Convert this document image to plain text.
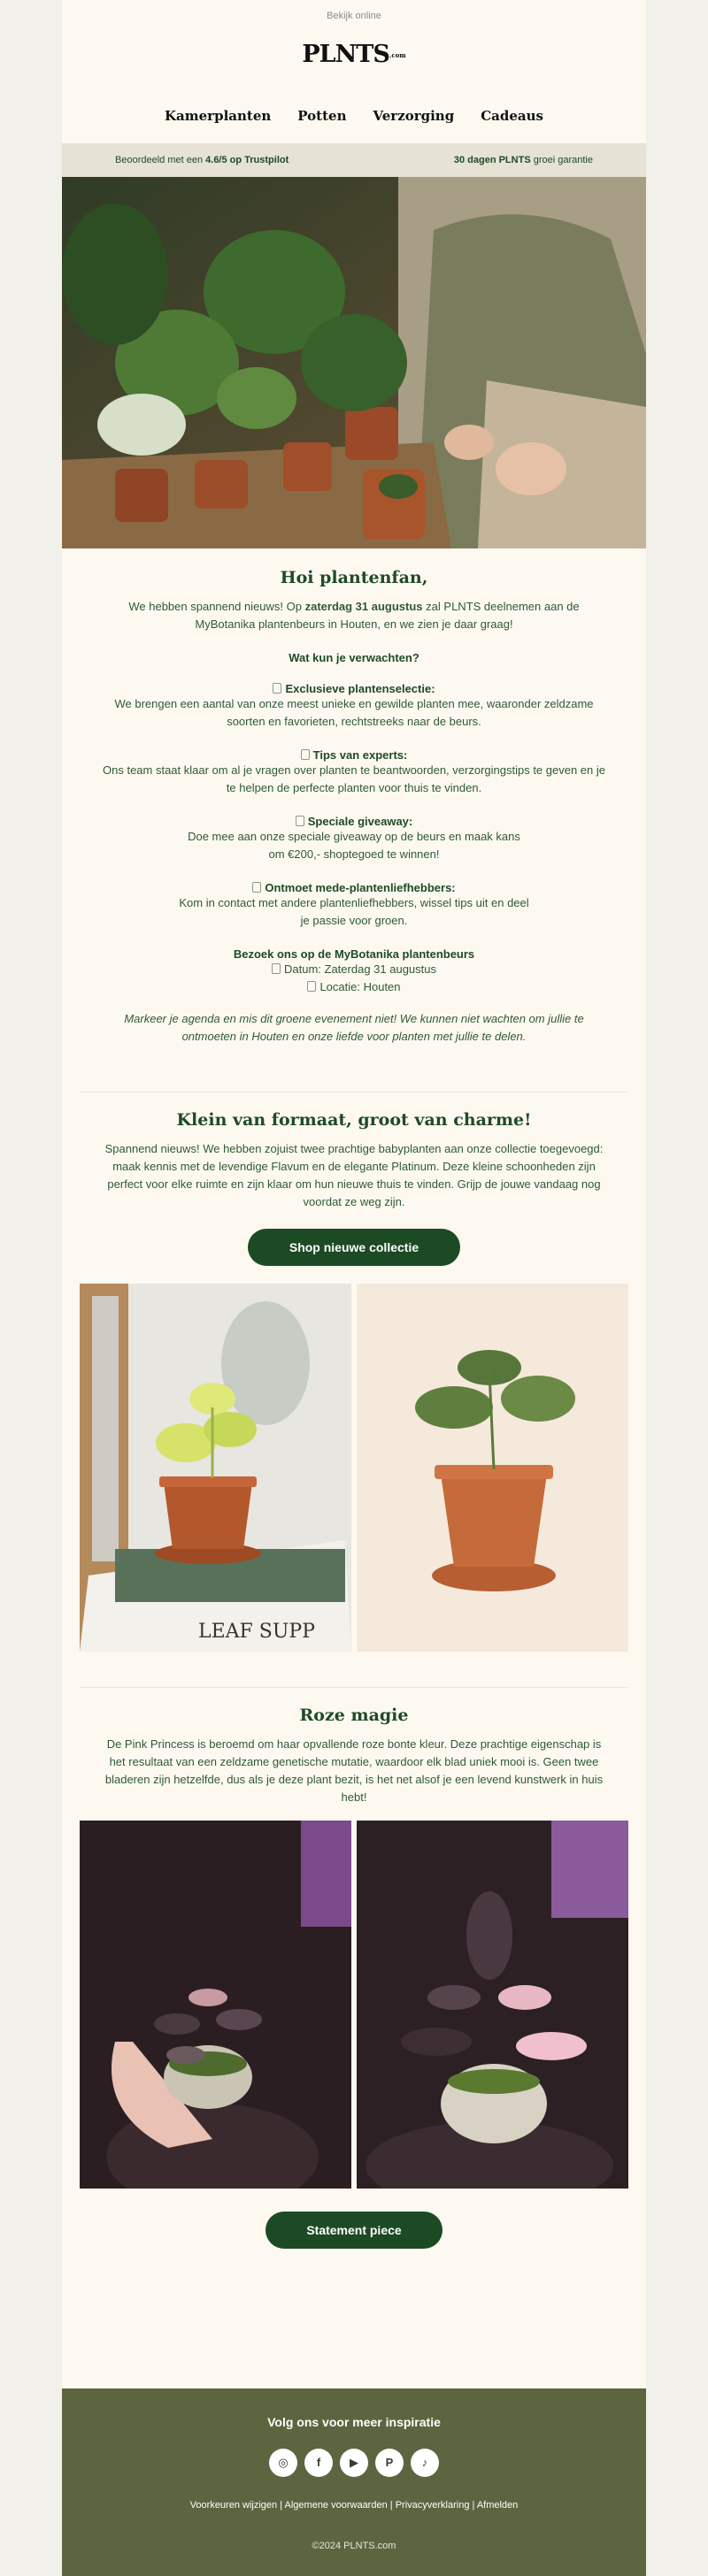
Bekijk online
PLNTS.com
Kamerplanten Potten Verzorging Cadeaus
Beoordeeld met een 4.6/5 op Trustpilot	30 dagen PLNTS groei garantie
Hoi plantenfan,

We hebben spannend nieuws! Op zaterdag 31 augustus zal PLNTS deelnemen aan de MyBotanika plantenbeurs in Houten, en we zien je daar graag!

Wat kun je verwachten?

Exclusieve plantenselectie:

We brengen een aantal van onze meest unieke en gewilde planten mee, waaronder zeldzame soorten en favorieten, rechtstreeks naar de beurs.

Tips van experts:

Ons team staat klaar om al je vragen over planten te beantwoorden, verzorgingstips te geven en je te helpen de perfecte planten voor thuis te vinden.

Speciale giveaway:

Doe mee aan onze speciale giveaway op de beurs en maak kans om €200,- shoptegoed te winnen!

Ontmoet mede-plantenliefhebbers:

Kom in contact met andere plantenliefhebbers, wissel tips uit en deel je passie voor groen.

Bezoek ons op de MyBotanika plantenbeurs

Datum: Zaterdag 31 augustus

Locatie: Houten

Markeer je agenda en mis dit groene evenement niet! We kunnen niet wachten om jullie te ontmoeten in Houten en onze liefde voor planten met jullie te delen.

Klein van formaat, groot van charme!

Spannend nieuws! We hebben zojuist twee prachtige babyplanten aan onze collectie toegevoegd: maak kennis met de levendige Flavum en de elegante Platinum. Deze kleine schoonheden zijn perfect voor elke ruimte en zijn klaar om hun nieuwe thuis te vinden. Grijp de jouwe vandaag nog voordat ze weg zijn.

Shop nieuwe collectie
LEAF SUPP
Roze magie

De Pink Princess is beroemd om haar opvallende roze bonte kleur. Deze prachtige eigenschap is het resultaat van een zeldzame genetische mutatie, waardoor elk blad uniek mooi is. Geen twee bladeren zijn hetzelfde, dus als je deze plant bezit, is het net alsof je een levend kunstwerk in huis hebt!

Statement piece

Volg ons voor meer inspiratie

◎	f	▶	P	♪

Voorkeuren wijzigen | Algemene voorwaarden | Privacyverklaring | Afmelden

©2024 PLNTS.com
